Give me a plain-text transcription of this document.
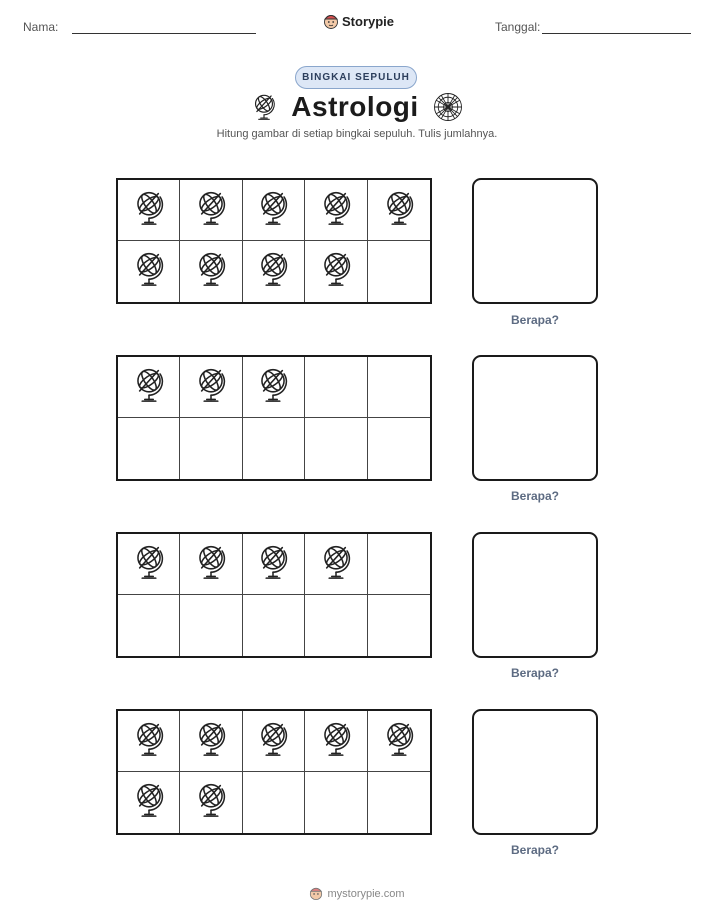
Nama:	Storypie	Tanggal:
BINGKAI SEPULUH
Astrologi
Hitung gambar di setiap bingkai sepuluh. Tulis jumlahnya.
Berapa?
Berapa?
Berapa?
Berapa?
mystorypie.com
